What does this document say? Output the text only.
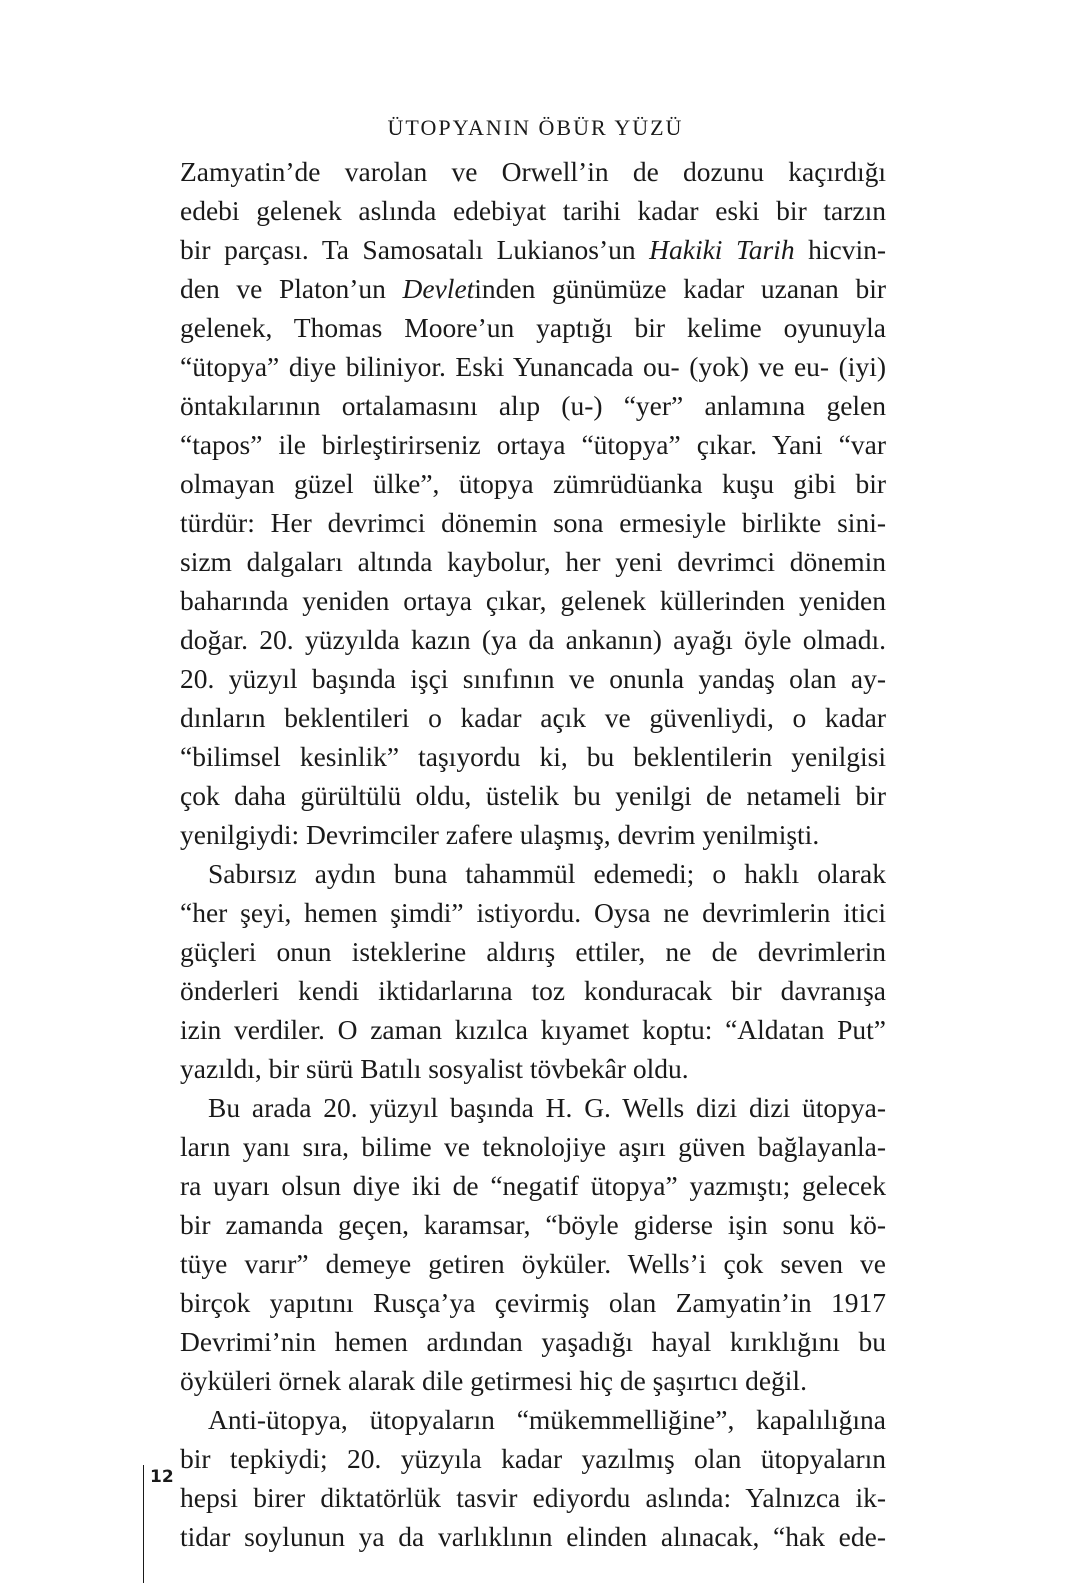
ÜTOPYANIN ÖBÜR YÜZÜ

Zamyatin’de varolan ve Orwell’in de dozunu kaçırdığı
edebi gelenek aslında edebiyat tarihi kadar eski bir tarzın
bir parçası. Ta Samosatalı Lukianos’un Hakiki Tarih hicvin-
den ve Platon’un Devletinden günümüze kadar uzanan bir
gelenek, Thomas Moore’un yaptığı bir kelime oyunuyla
“ütopya” diye biliniyor. Eski Yunancada ou- (yok) ve eu- (iyi)
öntakılarının ortalamasını alıp (u-) “yer” anlamına gelen
“tapos” ile birleştirirseniz ortaya “ütopya” çıkar. Yani “var
olmayan güzel ülke”, ütopya zümrüdüanka kuşu gibi bir
türdür: Her devrimci dönemin sona ermesiyle birlikte sini-
sizm dalgaları altında kaybolur, her yeni devrimci dönemin
baharında yeniden ortaya çıkar, gelenek küllerinden yeniden
doğar. 20. yüzyılda kazın (ya da ankanın) ayağı öyle olmadı.
20. yüzyıl başında işçi sınıfının ve onunla yandaş olan ay-
dınların beklentileri o kadar açık ve güvenliydi, o kadar
“bilimsel kesinlik” taşıyordu ki, bu beklentilerin yenilgisi
çok daha gürültülü oldu, üstelik bu yenilgi de netameli bir
yenilgiydi: Devrimciler zafere ulaşmış, devrim yenilmişti.

Sabırsız aydın buna tahammül edemedi; o haklı olarak
“her şeyi, hemen şimdi” istiyordu. Oysa ne devrimlerin itici
güçleri onun isteklerine aldırış ettiler, ne de devrimlerin
önderleri kendi iktidarlarına toz konduracak bir davranışa
izin verdiler. O zaman kızılca kıyamet koptu: “Aldatan Put”
yazıldı, bir sürü Batılı sosyalist tövbekâr oldu.

Bu arada 20. yüzyıl başında H. G. Wells dizi dizi ütopya-
ların yanı sıra, bilime ve teknolojiye aşırı güven bağlayanla-
ra uyarı olsun diye iki de “negatif ütopya” yazmıştı; gelecek
bir zamanda geçen, karamsar, “böyle giderse işin sonu kö-
tüye varır” demeye getiren öyküler. Wells’i çok seven ve
birçok yapıtını Rusça’ya çevirmiş olan Zamyatin’in 1917
Devrimi’nin hemen ardından yaşadığı hayal kırıklığını bu
öyküleri örnek alarak dile getirmesi hiç de şaşırtıcı değil.

Anti-ütopya, ütopyaların “mükemmelliğine”, kapalılığına
bir tepkiydi; 20. yüzyıla kadar yazılmış olan ütopyaların
hepsi birer diktatörlük tasvir ediyordu aslında: Yalnızca ik-
tidar soylunun ya da varlıklının elinden alınacak, “hak ede-

12
